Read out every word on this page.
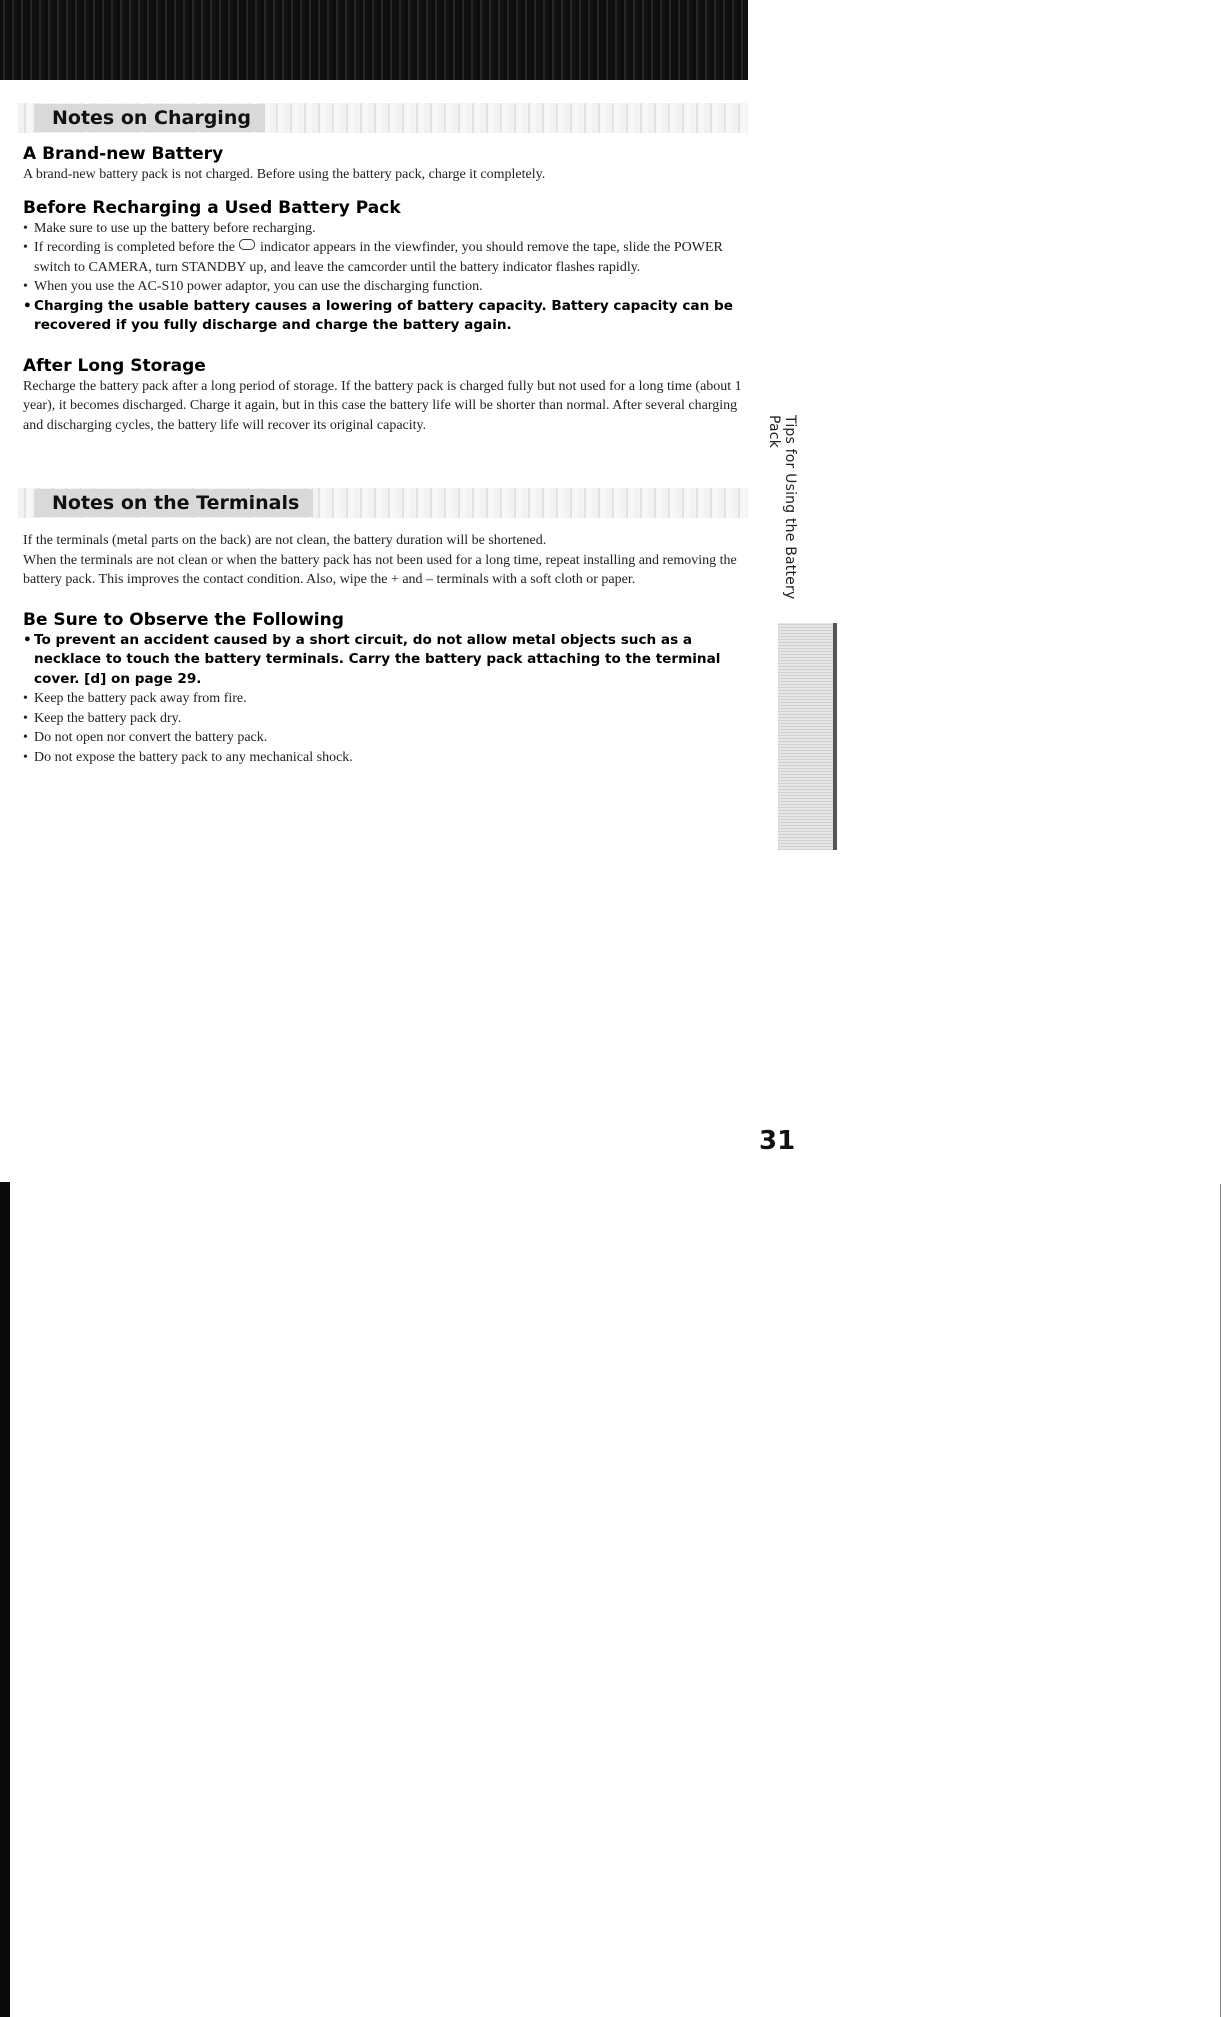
Notes on Charging
A Brand-new Battery

A brand-new battery pack is not charged. Before using the battery pack, charge it completely.

Before Recharging a Used Battery Pack
• Make sure to use up the battery before recharging.
• If recording is completed before the indicator appears in the viewfinder, you should remove the tape, slide the POWER switch to CAMERA, turn STANDBY up, and leave the camcorder until the battery indicator flashes rapidly.
• When you use the AC-S10 power adaptor, you can use the discharging function.
• Charging the usable battery causes a lowering of battery capacity. Battery capacity can be recovered if you fully discharge and charge the battery again.
After Long Storage

Recharge the battery pack after a long period of storage. If the battery pack is charged fully but not used for a long time (about 1 year), it becomes discharged. Charge it again, but in this case the battery life will be shorter than normal. After several charging and discharging cycles, the battery life will recover its original capacity.

Notes on the Terminals

If the terminals (metal parts on the back) are not clean, the battery duration will be shortened.

When the terminals are not clean or when the battery pack has not been used for a long time, repeat installing and removing the battery pack. This improves the contact condition. Also, wipe the + and – terminals with a soft cloth or paper.

Be Sure to Observe the Following
• To prevent an accident caused by a short circuit, do not allow metal objects such as a necklace to touch the battery terminals. Carry the battery pack attaching to the terminal cover. [d] on page 29.
• Keep the battery pack away from fire.
• Keep the battery pack dry.
• Do not open nor convert the battery pack.
• Do not expose the battery pack to any mechanical shock.
Tips for Using the Battery Pack
31
